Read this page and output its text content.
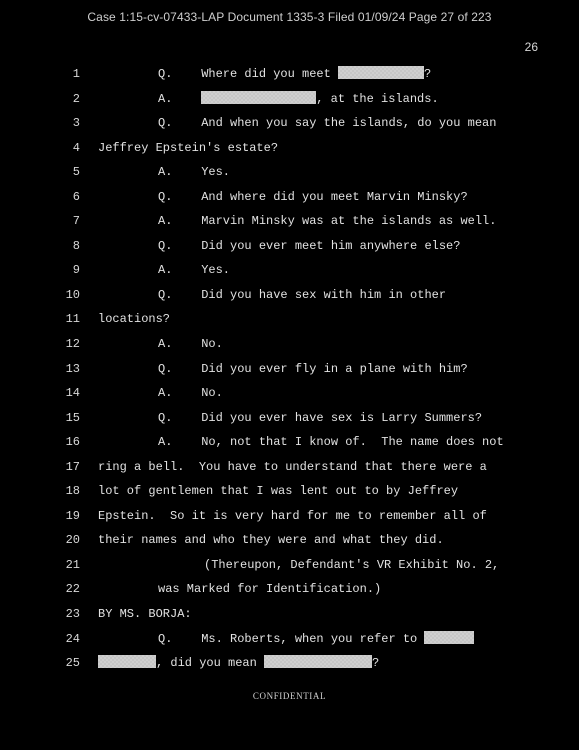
Case 1:15-cv-07433-LAP Document 1335-3 Filed 01/09/24 Page 27 of 223
26
1	Q.    Where did you meet	?
2	A.	, at the islands.
3	Q.    And when you say the islands, do you mean
4 Jeffrey Epstein's estate?
5	A.    Yes.
6	Q.    And where did you meet Marvin Minsky?
7	A.    Marvin Minsky was at the islands as well.
8	Q.    Did you ever meet him anywhere else?
9	A.    Yes.
10	Q.    Did you have sex with him in other
11 locations?
12	A.    No.
13	Q.    Did you ever fly in a plane with him?
14	A.    No.
15	Q.    Did you ever have sex is Larry Summers?
16	A.    No, not that I know of.  The name does not
17 ring a bell.  You have to understand that there were a
18 lot of gentlemen that I was lent out to by Jeffrey
19 Epstein.  So it is very hard for me to remember all of
20 their names and who they were and what they did.
21	(Thereupon, Defendant's VR Exhibit No. 2,
22	was Marked for Identification.)
23 BY MS. BORJA:
24	Q.    Ms. Roberts, when you refer to
25	, did you mean	?
CONFIDENTIAL
